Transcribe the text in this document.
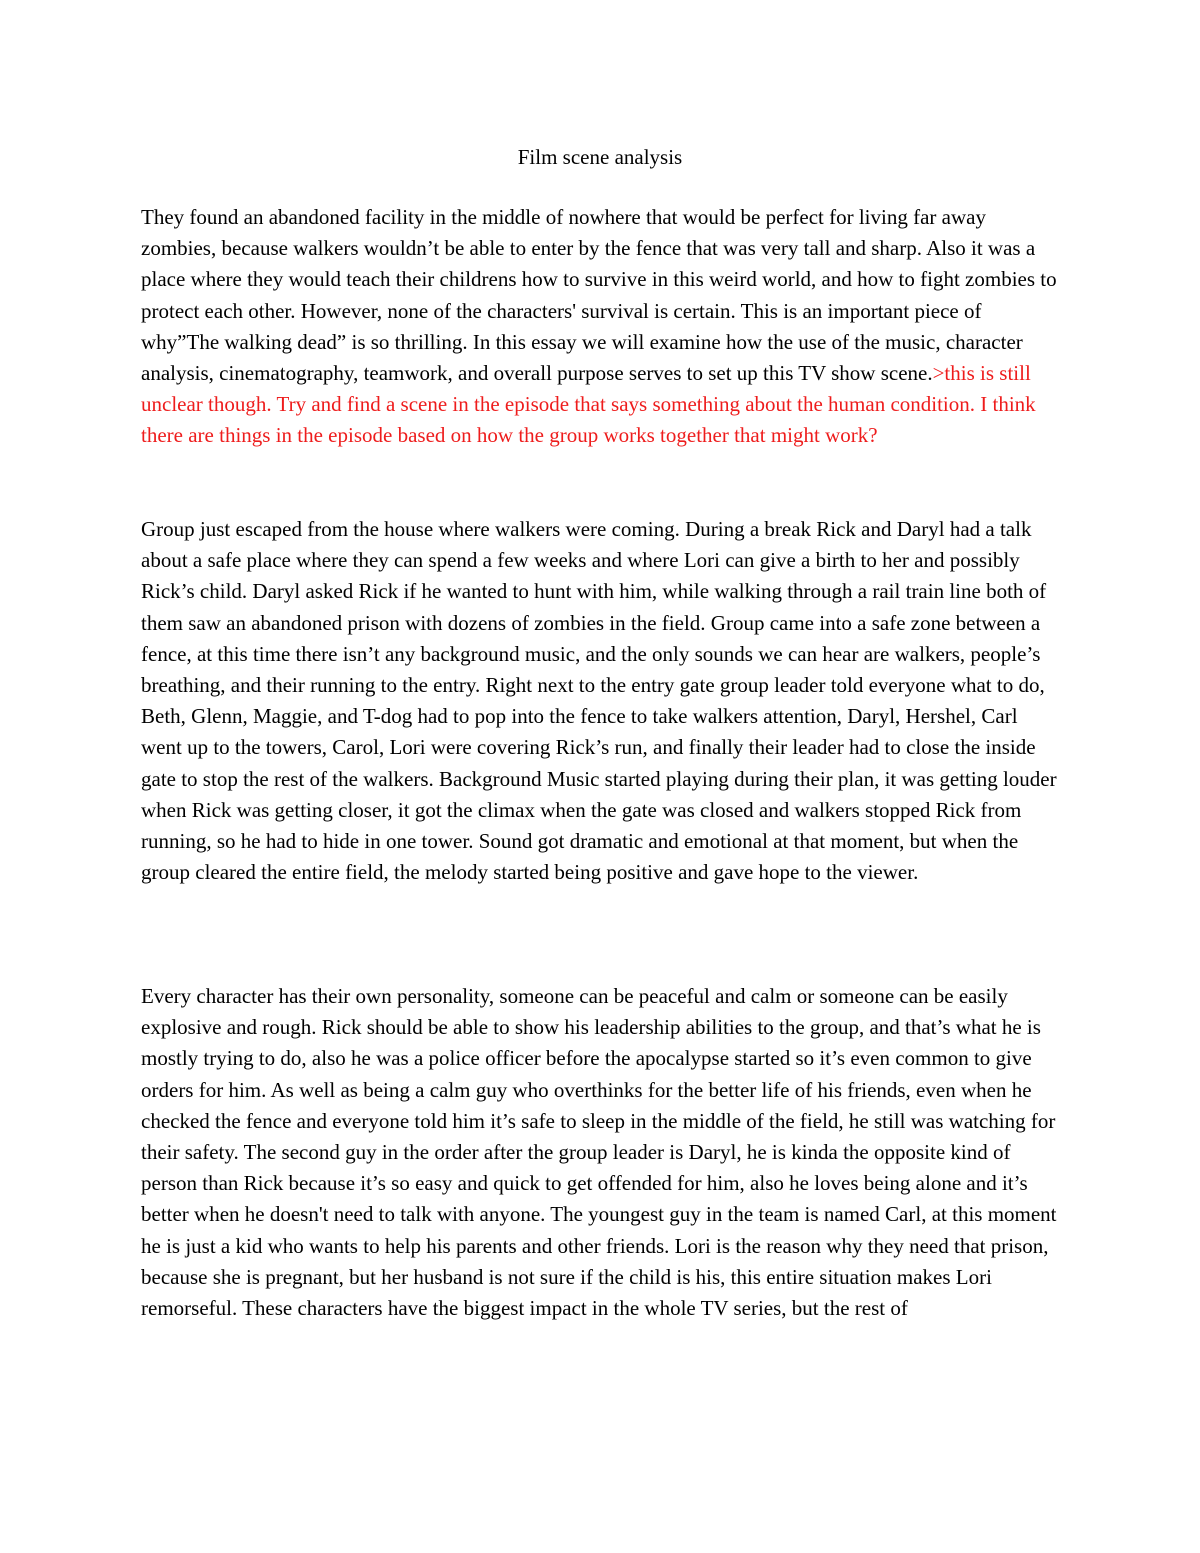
Film scene analysis

They found an abandoned facility in the middle of nowhere that would be perfect for living far away zombies, because walkers wouldn’t be able to enter by the fence that was very tall and sharp. Also it was a place where they would teach their childrens how to survive in this weird world, and how to fight zombies to protect each other. However, none of the characters' survival is certain. This is an important piece of why”The walking dead” is so thrilling. In this essay we will examine how the use of the music, character analysis, cinematography, teamwork, and overall purpose serves to set up this TV show scene.>this is still unclear though. Try and find a scene in the episode that says something about the human condition. I think there are things in the episode based on how the group works together that might work?

Group just escaped from the house where walkers were coming. During a break Rick and Daryl had a talk about a safe place where they can spend a few weeks and where Lori can give a birth to her and possibly Rick’s child. Daryl asked Rick if he wanted to hunt with him, while walking through a rail train line both of them saw an abandoned prison with dozens of zombies in the field. Group came into a safe zone between a fence, at this time there isn’t any background music, and the only sounds we can hear are walkers, people’s breathing, and their running to the entry. Right next to the entry gate group leader told everyone what to do, Beth, Glenn, Maggie, and T-dog had to pop into the fence to take walkers attention, Daryl, Hershel, Carl went up to the towers, Carol, Lori were covering Rick’s run, and finally their leader had to close the inside gate to stop the rest of the walkers. Background Music started playing during their plan, it was getting louder when Rick was getting closer, it got the climax when the gate was closed and walkers stopped Rick from running, so he had to hide in one tower. Sound got dramatic and emotional at that moment, but when the group cleared the entire field, the melody started being positive and gave hope to the viewer.

Every character has their own personality, someone can be peaceful and calm or someone can be easily explosive and rough. Rick should be able to show his leadership abilities to the group, and that’s what he is mostly trying to do, also he was a police officer before the apocalypse started so it’s even common to give orders for him. As well as being a calm guy who overthinks for the better life of his friends, even when he checked the fence and everyone told him it’s safe to sleep in the middle of the field, he still was watching for their safety. The second guy in the order after the group leader is Daryl, he is kinda the opposite kind of person than Rick because it’s so easy and quick to get offended for him, also he loves being alone and it’s better when he doesn't need to talk with anyone. The youngest guy in the team is named Carl, at this moment he is just a kid who wants to help his parents and other friends. Lori is the reason why they need that prison, because she is pregnant, but her husband is not sure if the child is his, this entire situation makes Lori remorseful. These characters have the biggest impact in the whole TV series, but the rest of
